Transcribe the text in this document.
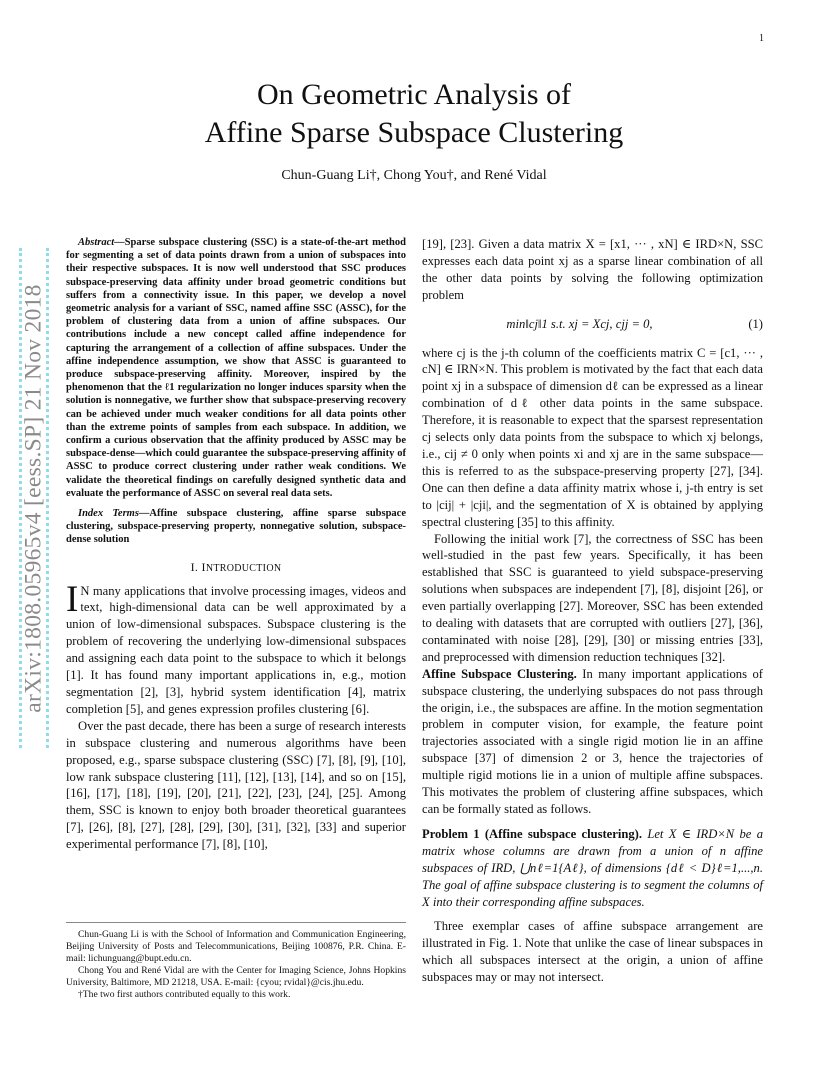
1
arXiv:1808.05965v4 [eess.SP] 21 Nov 2018
On Geometric Analysis of
Affine Sparse Subspace Clustering
Chun-Guang Li†, Chong You†, and René Vidal

Abstract—Sparse subspace clustering (SSC) is a state-of-the-art method for segmenting a set of data points drawn from a union of subspaces into their respective subspaces. It is now well understood that SSC produces subspace-preserving data affinity under broad geometric conditions but suffers from a connectivity issue. In this paper, we develop a novel geometric analysis for a variant of SSC, named affine SSC (ASSC), for the problem of clustering data from a union of affine subspaces. Our contributions include a new concept called affine independence for capturing the arrangement of a collection of affine subspaces. Under the affine independence assumption, we show that ASSC is guaranteed to produce subspace-preserving affinity. Moreover, inspired by the phenomenon that the ℓ1 regularization no longer induces sparsity when the solution is nonnegative, we further show that subspace-preserving recovery can be achieved under much weaker conditions for all data points other than the extreme points of samples from each subspace. In addition, we confirm a curious observation that the affinity produced by ASSC may be subspace-dense—which could guarantee the subspace-preserving affinity of ASSC to produce correct clustering under rather weak conditions. We validate the theoretical findings on carefully designed synthetic data and evaluate the performance of ASSC on several real data sets.

Index Terms—Affine subspace clustering, affine sparse subspace clustering, subspace-preserving property, nonnegative solution, subspace-dense solution

I. INTRODUCTION

I N many applications that involve processing images, videos and text, high-dimensional data can be well approximated by a union of low-dimensional subspaces. Subspace clustering is the problem of recovering the underlying low-dimensional subspaces and assigning each data point to the subspace to which it belongs [1]. It has found many important applications in, e.g., motion segmentation [2], [3], hybrid system identification [4], matrix completion [5], and genes expression profiles clustering [6].

Over the past decade, there has been a surge of research interests in subspace clustering and numerous algorithms have been proposed, e.g., sparse subspace clustering (SSC) [7], [8], [9], [10], low rank subspace clustering [11], [12], [13], [14], and so on [15], [16], [17], [18], [19], [20], [21], [22], [23], [24], [25]. Among them, SSC is known to enjoy both broader theoretical guarantees [7], [26], [8], [27], [28], [29], [30], [31], [32], [33] and superior experimental performance [7], [8], [10],

Chun-Guang Li is with the School of Information and Communication Engineering, Beijing University of Posts and Telecommunications, Beijing 100876, P.R. China. E-mail: lichunguang@bupt.edu.cn.

Chong You and René Vidal are with the Center for Imaging Science, Johns Hopkins University, Baltimore, MD 21218, USA. E-mail: {cyou; rvidal}@cis.jhu.edu.

†The two first authors contributed equally to this work.

[19], [23]. Given a data matrix X = [x1, ··· , xN] ∈ IRD×N, SSC expresses each data point xj as a sparse linear combination of all the other data points by solving the following optimization problem

min‖cj‖1 s.t. xj = Xcj, cjj = 0,	(1)

where cj is the j-th column of the coefficients matrix C = [c1, ··· , cN] ∈ IRN×N. This problem is motivated by the fact that each data point xj in a subspace of dimension dℓ can be expressed as a linear combination of dℓ other data points in the same subspace. Therefore, it is reasonable to expect that the sparsest representation cj selects only data points from the subspace to which xj belongs, i.e., cij ≠ 0 only when points xi and xj are in the same subspace—this is referred to as the subspace-preserving property [27], [34]. One can then define a data affinity matrix whose i, j-th entry is set to |cij| + |cji|, and the segmentation of X is obtained by applying spectral clustering [35] to this affinity.

Following the initial work [7], the correctness of SSC has been well-studied in the past few years. Specifically, it has been established that SSC is guaranteed to yield subspace-preserving solutions when subspaces are independent [7], [8], disjoint [26], or even partially overlapping [27]. Moreover, SSC has been extended to dealing with datasets that are corrupted with outliers [27], [36], contaminated with noise [28], [29], [30] or missing entries [33], and preprocessed with dimension reduction techniques [32].

Affine Subspace Clustering. In many important applications of subspace clustering, the underlying subspaces do not pass through the origin, i.e., the subspaces are affine. In the motion segmentation problem in computer vision, for example, the feature point trajectories associated with a single rigid motion lie in an affine subspace [37] of dimension 2 or 3, hence the trajectories of multiple rigid motions lie in a union of multiple affine subspaces. This motivates the problem of clustering affine subspaces, which can be formally stated as follows.

Problem 1 (Affine subspace clustering). Let X ∈ IRD×N be a matrix whose columns are drawn from a union of n affine subspaces of IRD, ⋃nℓ=1{Aℓ}, of dimensions {dℓ < D}ℓ=1,...,n. The goal of affine subspace clustering is to segment the columns of X into their corresponding affine subspaces.

Three exemplar cases of affine subspace arrangement are illustrated in Fig. 1. Note that unlike the case of linear subspaces in which all subspaces intersect at the origin, a union of affine subspaces may or may not intersect.
